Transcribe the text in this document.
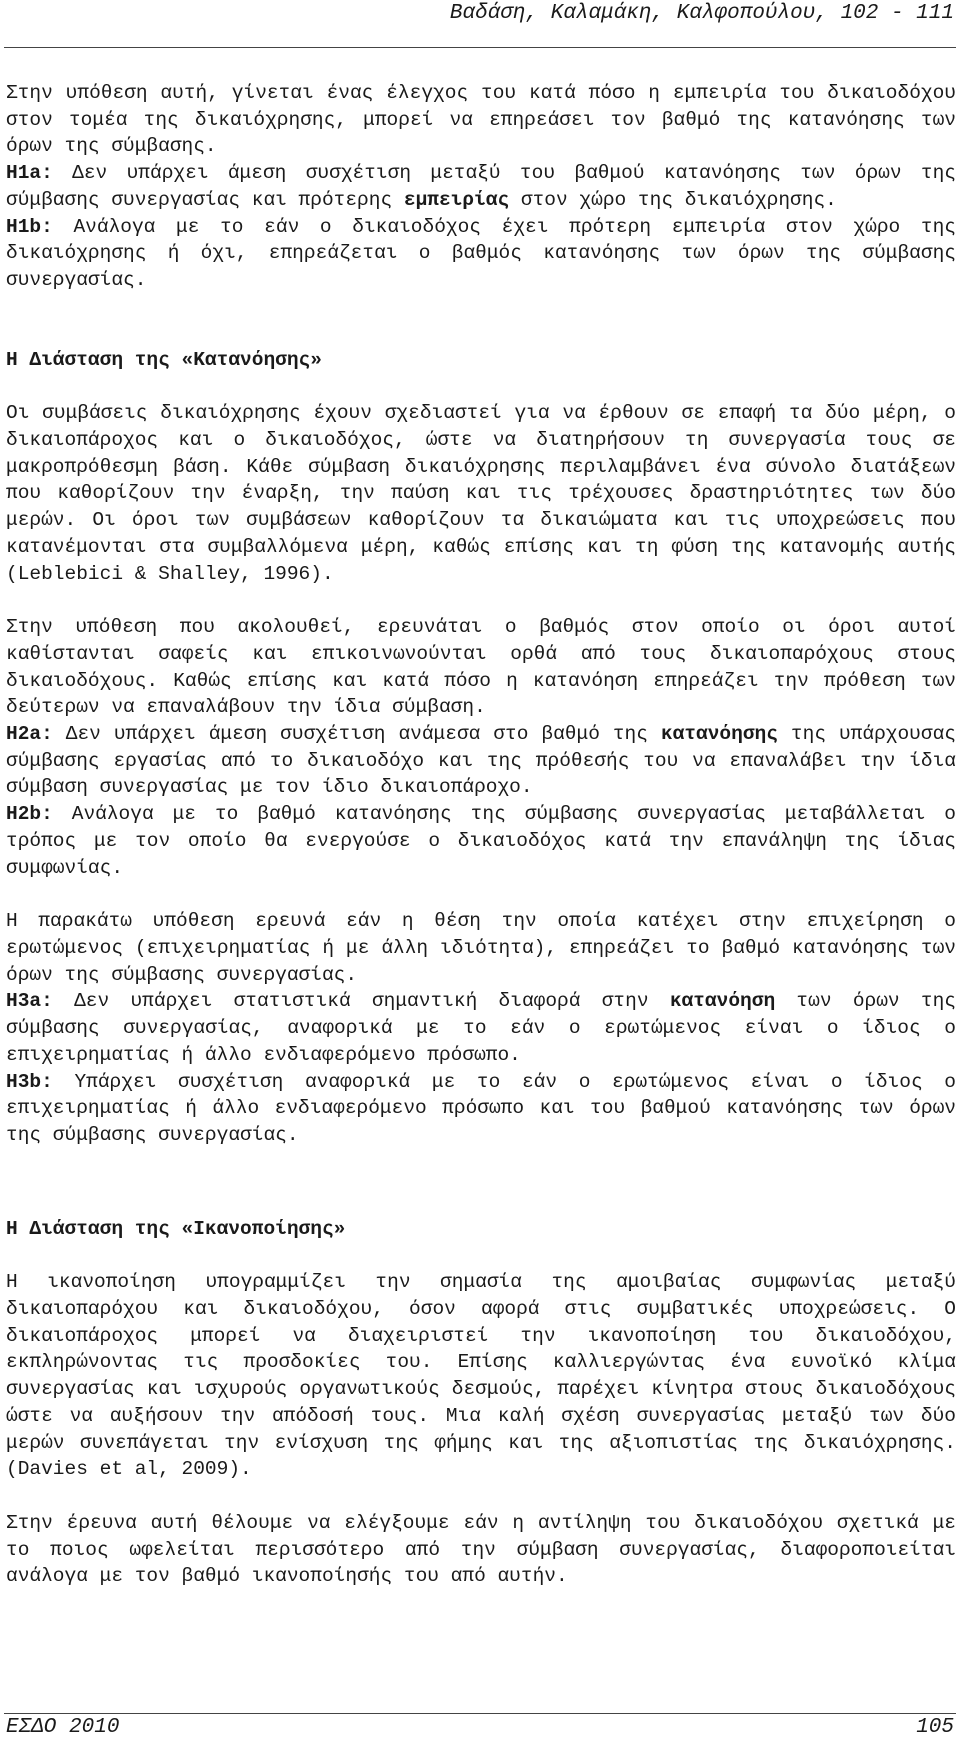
Βαδάση, Καλαμάκη, Καλφοπούλου, 102 - 111

Στην υπόθεση αυτή, γίνεται ένας έλεγχος του κατά πόσο η εμπειρία του δικαιοδόχου στον τομέα της δικαιόχρησης, μπορεί να επηρεάσει τον βαθμό της κατανόησης των όρων της σύμβασης.

H1a: Δεν υπάρχει άμεση συσχέτιση μεταξύ του βαθμού κατανόησης των όρων της σύμβασης συνεργασίας και πρότερης εμπειρίας στον χώρο της δικαιόχρησης.

H1b: Ανάλογα με το εάν ο δικαιοδόχος έχει πρότερη εμπειρία στον χώρο της δικαιόχρησης ή όχι, επηρεάζεται ο βαθμός κατανόησης των όρων της σύμβασης συνεργασίας.

Η Διάσταση της «Κατανόησης»

Οι συμβάσεις δικαιόχρησης έχουν σχεδιαστεί για να έρθουν σε επαφή τα δύο μέρη, ο δικαιοπάροχος και ο δικαιοδόχος, ώστε να διατηρήσουν τη συνεργασία τους σε μακροπρόθεσμη βάση. Κάθε σύμβαση δικαιόχρησης περιλαμβάνει ένα σύνολο διατάξεων που καθορίζουν την έναρξη, την παύση και τις τρέχουσες δραστηριότητες των δύο μερών. Οι όροι των συμβάσεων καθορίζουν τα δικαιώματα και τις υποχρεώσεις που κατανέμονται στα συμβαλλόμενα μέρη, καθώς επίσης και τη φύση της κατανομής αυτής (Leblebici & Shalley, 1996).

Στην υπόθεση που ακολουθεί, ερευνάται ο βαθμός στον οποίο οι όροι αυτοί καθίστανται σαφείς και επικοινωνούνται ορθά από τους δικαιοπαρόχους στους δικαιοδόχους. Καθώς επίσης και κατά πόσο η κατανόηση επηρεάζει την πρόθεση των δεύτερων να επαναλάβουν την ίδια σύμβαση.

H2a: Δεν υπάρχει άμεση συσχέτιση ανάμεσα στο βαθμό της κατανόησης της υπάρχουσας σύμβασης εργασίας από το δικαιοδόχο και της πρόθεσής του να επαναλάβει την ίδια σύμβαση συνεργασίας με τον ίδιο δικαιοπάροχο.

H2b: Ανάλογα με το βαθμό κατανόησης της σύμβασης συνεργασίας μεταβάλλεται ο τρόπος με τον οποίο θα ενεργούσε ο δικαιοδόχος κατά την επανάληψη της ίδιας συμφωνίας.

Η παρακάτω υπόθεση ερευνά εάν η θέση την οποία κατέχει στην επιχείρηση ο ερωτώμενος (επιχειρηματίας ή με άλλη ιδιότητα), επηρεάζει το βαθμό κατανόησης των όρων της σύμβασης συνεργασίας.

H3a: Δεν υπάρχει στατιστικά σημαντική διαφορά στην κατανόηση των όρων της σύμβασης συνεργασίας, αναφορικά με το εάν ο ερωτώμενος είναι ο ίδιος ο επιχειρηματίας ή άλλο ενδιαφερόμενο πρόσωπο.

H3b: Υπάρχει συσχέτιση αναφορικά με το εάν ο ερωτώμενος είναι ο ίδιος ο επιχειρηματίας ή άλλο ενδιαφερόμενο πρόσωπο και του βαθμού κατανόησης των όρων της σύμβασης συνεργασίας.

Η Διάσταση της «Ικανοποίησης»

Η ικανοποίηση υπογραμμίζει την σημασία της αμοιβαίας συμφωνίας μεταξύ δικαιοπαρόχου και δικαιοδόχου, όσον αφορά στις συμβατικές υποχρεώσεις. Ο δικαιοπάροχος μπορεί να διαχειριστεί την ικανοποίηση του δικαιοδόχου, εκπληρώνοντας τις προσδοκίες του. Επίσης καλλιεργώντας ένα ευνοϊκό κλίμα συνεργασίας και ισχυρούς οργανωτικούς δεσμούς, παρέχει κίνητρα στους δικαιοδόχους ώστε να αυξήσουν την απόδοσή τους. Μια καλή σχέση συνεργασίας μεταξύ των δύο μερών συνεπάγεται την ενίσχυση της φήμης και της αξιοπιστίας της δικαιόχρησης. (Davies et al, 2009).

Στην έρευνα αυτή θέλουμε να ελέγξουμε εάν η αντίληψη του δικαιοδόχου σχετικά με το ποιος ωφελείται περισσότερο από την σύμβαση συνεργασίας, διαφοροποιείται ανάλογα με τον βαθμό ικανοποίησής του από αυτήν.

ΕΣΔΟ 2010	105
